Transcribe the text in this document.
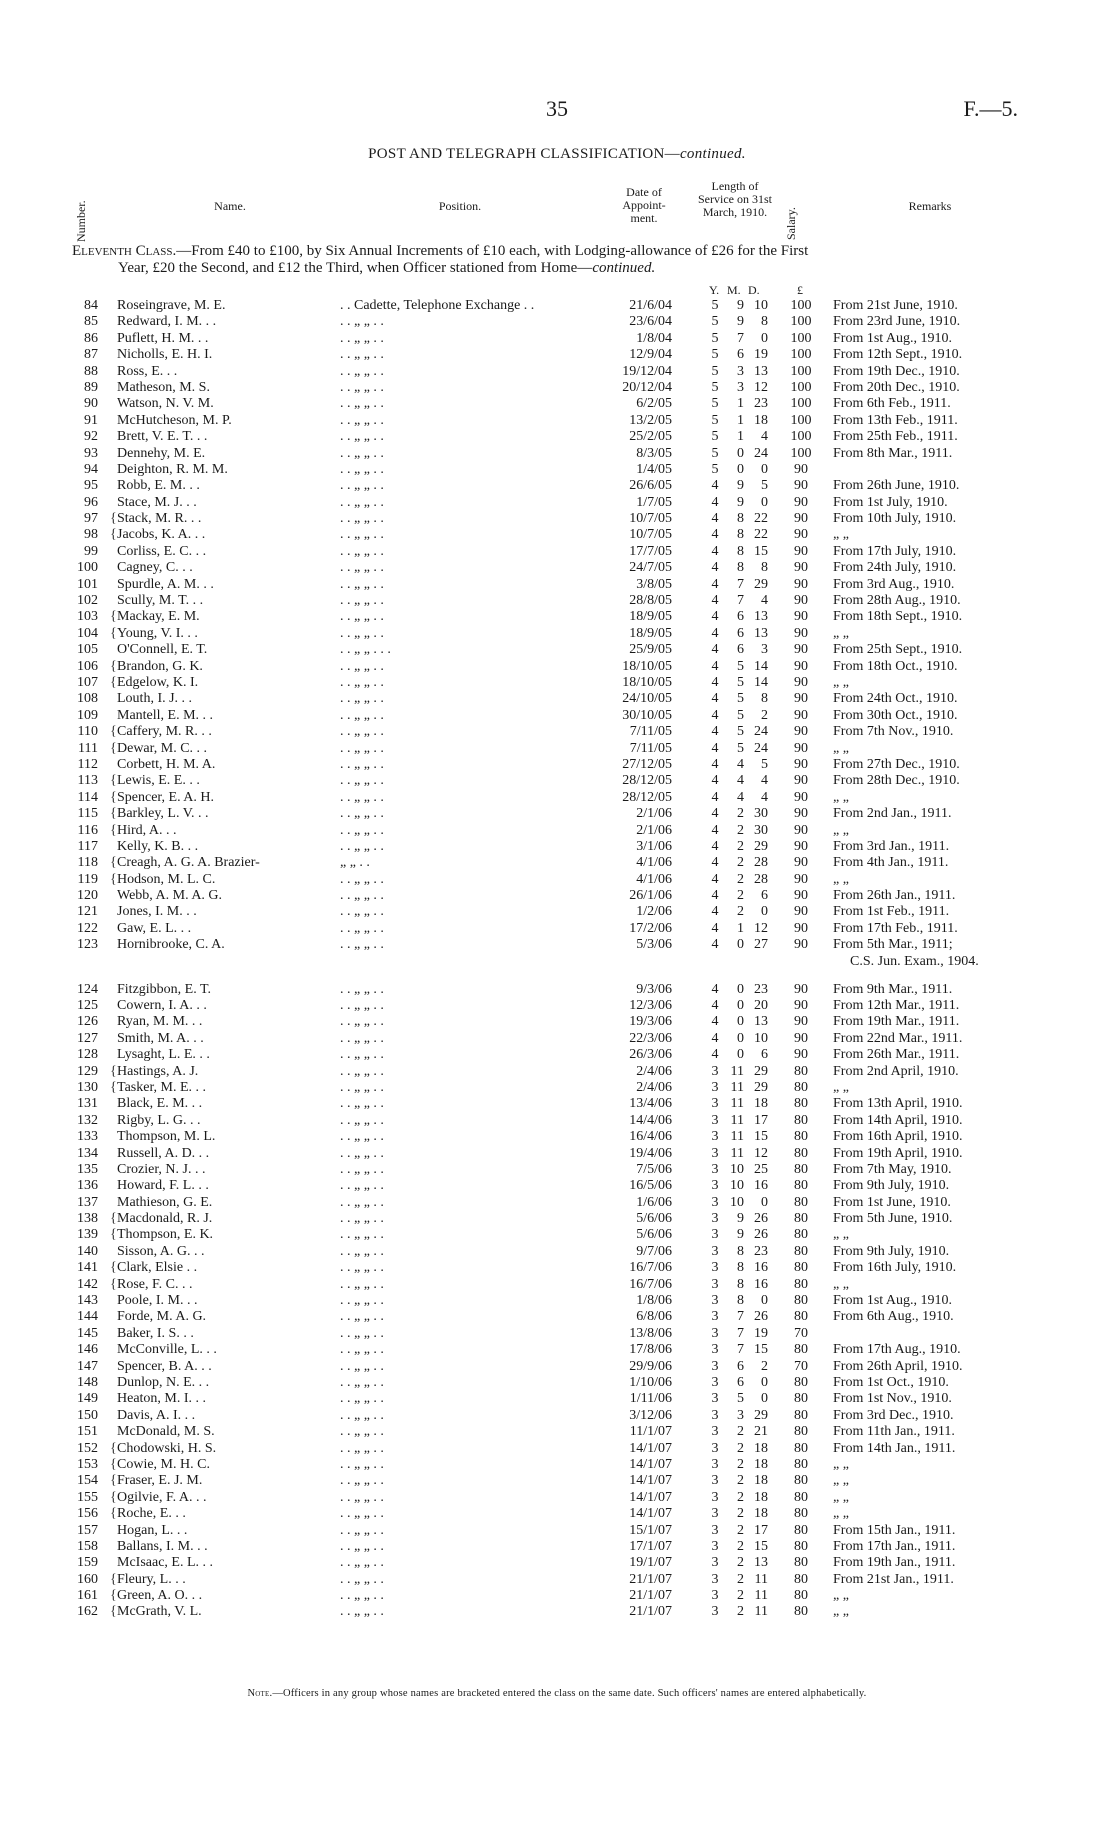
35	F.—5.
POST AND TELEGRAPH CLASSIFICATION—continued.
Number.	Name.	Position.
Date of Appoint- ment.
Length of Service on 31st March, 1910.	Salary.
Remarks
Eleventh Class.—From £40 to £100, by Six Annual Increments of £10 each, with Lodging-allowance of £26 for the First
Year, £20 the Second, and £12 the Third, when Officer stationed from Home—continued.
Y. M. D.	£
84 Roseingrave, M. E.	. . Cadette, Telephone Exchange . .	21/6/04	5	9 10	100	From 21st June, 1910.
85 Redward, I. M. . .	. . „ „ . .	23/6/04	5	9	8	100	From 23rd June, 1910.
86 Puflett, H. M. . .	. . „ „ . .	1/8/04	5	7	0	100	From 1st Aug., 1910.
87 Nicholls, E. H. I.	. . „ „ . .	12/9/04	5	6 19	100	From 12th Sept., 1910.
88 Ross, E. . .	. . „ „ . .	19/12/04	5	3 13	100	From 19th Dec., 1910.
89 Matheson, M. S.	. . „ „ . .	20/12/04	5	3 12	100	From 20th Dec., 1910.
90 Watson, N. V. M.	. . „ „ . .	6/2/05	5	1 23	100	From 6th Feb., 1911.
91 McHutcheson, M. P.	. . „ „ . .	13/2/05	5	1 18	100	From 13th Feb., 1911.
92 Brett, V. E. T. . .	. . „ „ . .	25/2/05	5	1	4	100	From 25th Feb., 1911.
93 Dennehy, M. E.	. . „ „ . .	8/3/05	5	0 24	100	From 8th Mar., 1911.
94 Deighton, R. M. M.	. . „ „ . .	1/4/05	5	0	0	90
95 Robb, E. M. . .	. . „ „ . .	26/6/05	4	9	5	90	From 26th June, 1910.
96 Stace, M. J. . .	. . „ „ . .	1/7/05	4	9	0	90	From 1st July, 1910.
97 { Stack, M. R. . .	. . „ „ . .	10/7/05	4	8 22	90	From 10th July, 1910.
98 { Jacobs, K. A. . .	. . „ „ . .	10/7/05	4	8 22	90	„ „
99 Corliss, E. C. . .	. . „ „ . .	17/7/05	4	8 15	90	From 17th July, 1910.
100 Cagney, C. . .	. . „ „ . .	24/7/05	4	8	8	90	From 24th July, 1910.
101 Spurdle, A. M. . .	. . „ „ . .	3/8/05	4	7 29	90	From 3rd Aug., 1910.
102 Scully, M. T. . .	. . „ „ . .	28/8/05	4	7	4	90	From 28th Aug., 1910.
103 { Mackay, E. M.	. . „ „ . .	18/9/05	4	6 13	90	From 18th Sept., 1910.
104 { Young, V. I. . .	. . „ „ . .	18/9/05	4	6 13	90	„ „
105 O'Connell, E. T.	. . „ „ . . .	25/9/05	4	6	3	90	From 25th Sept., 1910.
106 { Brandon, G. K.	. . „ „ . .	18/10/05	4	5 14	90	From 18th Oct., 1910.
107 { Edgelow, K. I.	. . „ „ . .	18/10/05	4	5 14	90	„ „
108 Louth, I. J. . .	. . „ „ . .	24/10/05	4	5	8	90	From 24th Oct., 1910.
109 Mantell, E. M. . .	. . „ „ . .	30/10/05	4	5	2	90	From 30th Oct., 1910.
110 { Caffery, M. R. . .	. . „ „ . .	7/11/05	4	5 24	90	From 7th Nov., 1910.
111 { Dewar, M. C. . .	. . „ „ . .	7/11/05	4	5 24	90	„ „
112 Corbett, H. M. A.	. . „ „ . .	27/12/05	4	4	5	90	From 27th Dec., 1910.
113 { Lewis, E. E. . .	. . „ „ . .	28/12/05	4	4	4	90	From 28th Dec., 1910.
114 { Spencer, E. A. H.	. . „ „ . .	28/12/05	4	4	4	90	„ „
115 { Barkley, L. V. . .	. . „ „ . .	2/1/06	4	2 30	90	From 2nd Jan., 1911.
116 { Hird, A. . .	. . „ „ . .	2/1/06	4	2 30	90	„ „
117 Kelly, K. B. . .	. . „ „ . .	3/1/06	4	2 29	90	From 3rd Jan., 1911.
118 { Creagh, A. G. A. Brazier-	„ „ . .	4/1/06	4	2 28	90	From 4th Jan., 1911.
119 { Hodson, M. L. C.	. . „ „ . .	4/1/06	4	2 28	90	„ „
120 Webb, A. M. A. G.	. . „ „ . .	26/1/06	4	2	6	90	From 26th Jan., 1911.
121 Jones, I. M. . .	. . „ „ . .	1/2/06	4	2	0	90	From 1st Feb., 1911.
122 Gaw, E. L. . .	. . „ „ . .	17/2/06	4	1 12	90	From 17th Feb., 1911.
123 Hornibrooke, C. A.	. . „ „ . .	5/3/06	4	0 27	90	From 5th Mar., 1911;
C.S. Jun. Exam., 1904.
124 Fitzgibbon, E. T.	. . „ „ . .	9/3/06	4	0 23	90	From 9th Mar., 1911.
125 Cowern, I. A. . .	. . „ „ . .	12/3/06	4	0 20	90	From 12th Mar., 1911.
126 Ryan, M. M. . .	. . „ „ . .	19/3/06	4	0 13	90	From 19th Mar., 1911.
127 Smith, M. A. . .	. . „ „ . .	22/3/06	4	0 10	90	From 22nd Mar., 1911.
128 Lysaght, L. E. . .	. . „ „ . .	26/3/06	4	0	6	90	From 26th Mar., 1911.
129 { Hastings, A. J.	. . „ „ . .	2/4/06	3 11 29	80	From 2nd April, 1910.
130 { Tasker, M. E. . .	. . „ „ . .	2/4/06	3 11 29	80	„ „
131 Black, E. M. . .	. . „ „ . .	13/4/06	3 11 18	80	From 13th April, 1910.
132 Rigby, L. G. . .	. . „ „ . .	14/4/06	3 11 17	80	From 14th April, 1910.
133 Thompson, M. L.	. . „ „ . .	16/4/06	3 11 15	80	From 16th April, 1910.
134 Russell, A. D. . .	. . „ „ . .	19/4/06	3 11 12	80	From 19th April, 1910.
135 Crozier, N. J. . .	. . „ „ . .	7/5/06	3 10 25	80	From 7th May, 1910.
136 Howard, F. L. . .	. . „ „ . .	16/5/06	3 10 16	80	From 9th July, 1910.
137 Mathieson, G. E.	. . „ „ . .	1/6/06	3 10	0	80	From 1st June, 1910.
138 { Macdonald, R. J.	. . „ „ . .	5/6/06	3	9 26	80	From 5th June, 1910.
139 { Thompson, E. K.	. . „ „ . .	5/6/06	3	9 26	80	„ „
140 Sisson, A. G. . .	. . „ „ . .	9/7/06	3	8 23	80	From 9th July, 1910.
141 { Clark, Elsie . .	. . „ „ . .	16/7/06	3	8 16	80	From 16th July, 1910.
142 { Rose, F. C. . .	. . „ „ . .	16/7/06	3	8 16	80	„ „
143 Poole, I. M. . .	. . „ „ . .	1/8/06	3	8	0	80	From 1st Aug., 1910.
144 Forde, M. A. G.	. . „ „ . .	6/8/06	3	7 26	80	From 6th Aug., 1910.
145 Baker, I. S. . .	. . „ „ . .	13/8/06	3	7 19	70
146 McConville, L. . .	. . „ „ . .	17/8/06	3	7 15	80	From 17th Aug., 1910.
147 Spencer, B. A. . .	. . „ „ . .	29/9/06	3	6	2	70	From 26th April, 1910.
148 Dunlop, N. E. . .	. . „ „ . .	1/10/06	3	6	0	80	From 1st Oct., 1910.
149 Heaton, M. I. . .	. . „ „ . .	1/11/06	3	5	0	80	From 1st Nov., 1910.
150 Davis, A. I. . .	. . „ „ . .	3/12/06	3	3 29	80	From 3rd Dec., 1910.
151 McDonald, M. S.	. . „ „ . .	11/1/07	3	2 21	80	From 11th Jan., 1911.
152 { Chodowski, H. S.	. . „ „ . .	14/1/07	3	2 18	80	From 14th Jan., 1911.
153 { Cowie, M. H. C.	. . „ „ . .	14/1/07	3	2 18	80	„ „
154 { Fraser, E. J. M.	. . „ „ . .	14/1/07	3	2 18	80	„ „
155 { Ogilvie, F. A. . .	. . „ „ . .	14/1/07	3	2 18	80	„ „
156 { Roche, E. . .	. . „ „ . .	14/1/07	3	2 18	80	„ „
157 Hogan, L. . .	. . „ „ . .	15/1/07	3	2 17	80	From 15th Jan., 1911.
158 Ballans, I. M. . .	. . „ „ . .	17/1/07	3	2 15	80	From 17th Jan., 1911.
159 McIsaac, E. L. . .	. . „ „ . .	19/1/07	3	2 13	80	From 19th Jan., 1911.
160 { Fleury, L. . .	. . „ „ . .	21/1/07	3	2 11	80	From 21st Jan., 1911.
161 { Green, A. O. . .	. . „ „ . .	21/1/07	3	2 11	80	„ „
162 { McGrath, V. L.	. . „ „ . .	21/1/07	3	2 11	80	„ „
Note.—Officers in any group whose names are bracketed entered the class on the same date. Such officers' names are entered alphabetically.
